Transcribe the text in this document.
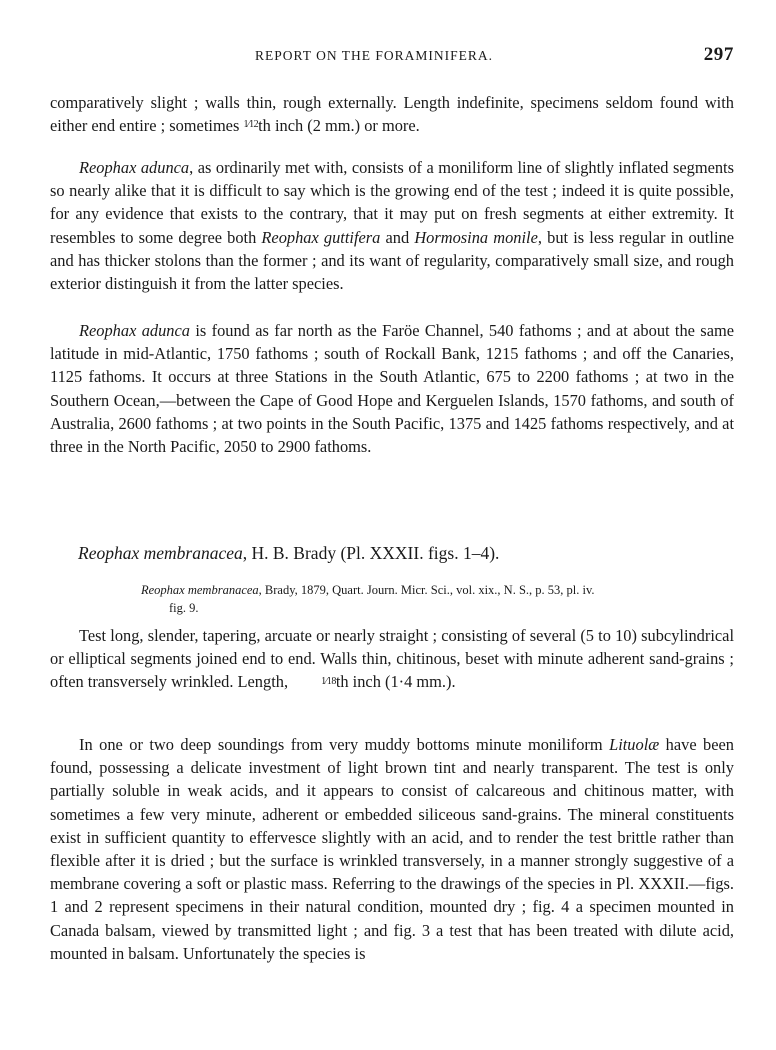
REPORT ON THE FORAMINIFERA.	297

comparatively slight ; walls thin, rough externally. Length indefinite, specimens seldom found with either end entire ; sometimes 1⁄12th inch (2 mm.) or more.

Reophax adunca, as ordinarily met with, consists of a moniliform line of slightly inflated segments so nearly alike that it is difficult to say which is the growing end of the test ; indeed it is quite possible, for any evidence that exists to the contrary, that it may put on fresh segments at either extremity. It resembles to some degree both Reophax guttifera and Hormosina monile, but is less regular in outline and has thicker stolons than the former ; and its want of regularity, comparatively small size, and rough exterior distinguish it from the latter species.

Reophax adunca is found as far north as the Faröe Channel, 540 fathoms ; and at about the same latitude in mid-Atlantic, 1750 fathoms ; south of Rockall Bank, 1215 fathoms ; and off the Canaries, 1125 fathoms. It occurs at three Stations in the South Atlantic, 675 to 2200 fathoms ; at two in the Southern Ocean,—between the Cape of Good Hope and Kerguelen Islands, 1570 fathoms, and south of Australia, 2600 fathoms ; at two points in the South Pacific, 1375 and 1425 fathoms respectively, and at three in the North Pacific, 2050 to 2900 fathoms.

Reophax membranacea, H. B. Brady (Pl. XXXII. figs. 1–4).
Reophax membranacea, Brady, 1879, Quart. Journ. Micr. Sci., vol. xix., N. S., p. 53, pl. iv.
fig. 9.

Test long, slender, tapering, arcuate or nearly straight ; consisting of several (5 to 10) subcylindrical or elliptical segments joined end to end. Walls thin, chitinous, beset with minute adherent sand-grains ; often transversely wrinkled. Length,	1⁄18th inch (1·4 mm.).

In one or two deep soundings from very muddy bottoms minute moniliform Lituolæ have been found, possessing a delicate investment of light brown tint and nearly transparent. The test is only partially soluble in weak acids, and it appears to consist of calcareous and chitinous matter, with sometimes a few very minute, adherent or embedded siliceous sand-grains. The mineral constituents exist in sufficient quantity to effervesce slightly with an acid, and to render the test brittle rather than flexible after it is dried ; but the surface is wrinkled transversely, in a manner strongly suggestive of a membrane covering a soft or plastic mass. Referring to the drawings of the species in Pl. XXXII.—figs. 1 and 2 represent specimens in their natural condition, mounted dry ; fig. 4 a specimen mounted in Canada balsam, viewed by transmitted light ; and fig. 3 a test that has been treated with dilute acid, mounted in balsam. Unfortunately the species is
